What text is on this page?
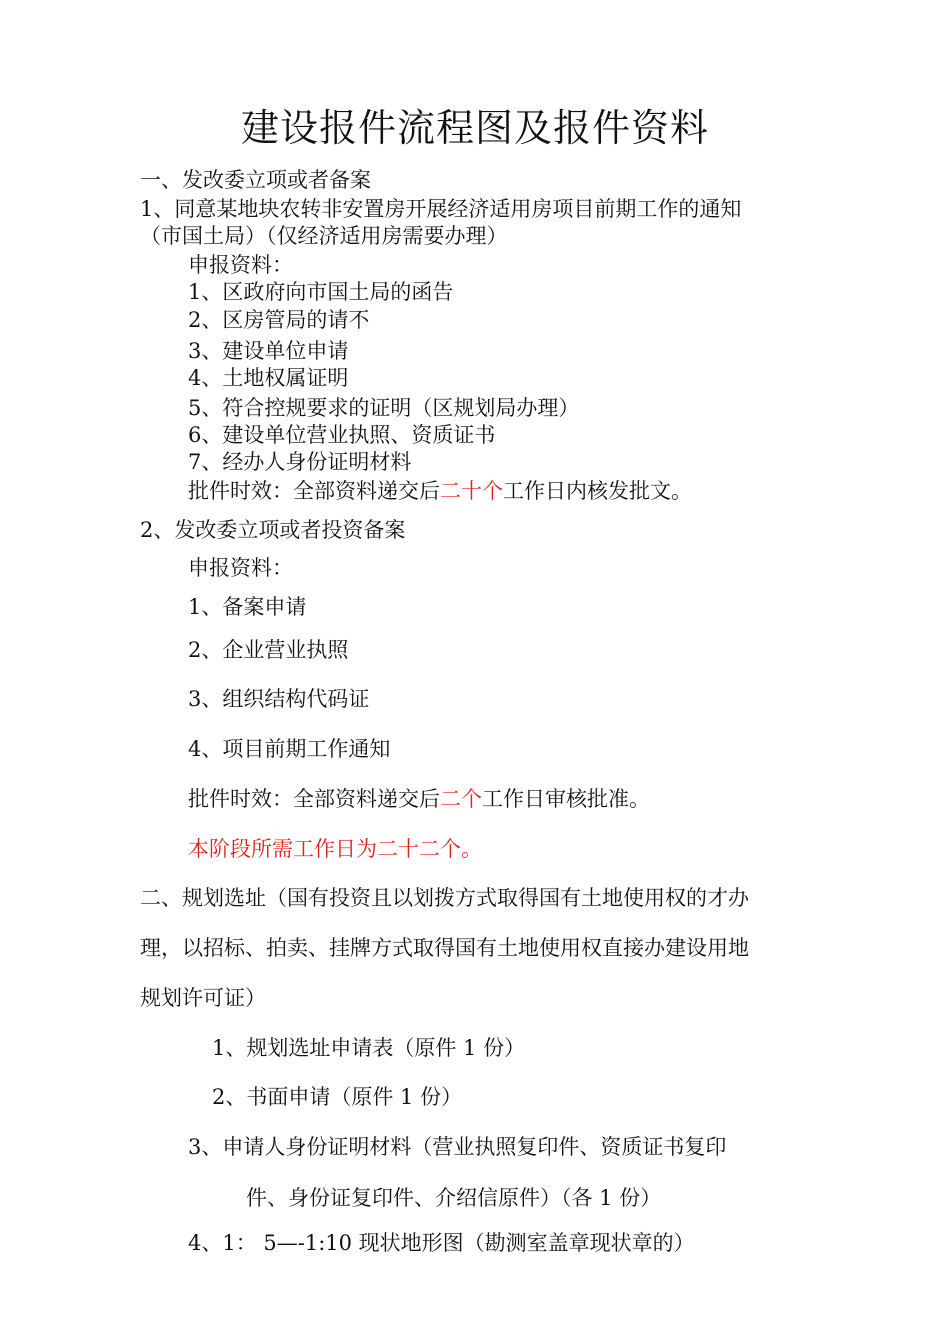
建设报件流程图及报件资料
一、发改委立项或者备案
1、同意某地块农转非安置房开展经济适用房项目前期工作的通知
（市国土局）（仅经济适用房需要办理）
申报资料：
1、区政府向市国土局的函告
2、区房管局的请不
3、建设单位申请
4、土地权属证明
5、符合控规要求的证明（区规划局办理）
6、建设单位营业执照、资质证书
7、经办人身份证明材料
批件时效：全部资料递交后二十个工作日内核发批文。
2、发改委立项或者投资备案
申报资料：
1、备案申请
2、企业营业执照
3、组织结构代码证
4、项目前期工作通知
批件时效：全部资料递交后二个工作日审核批准。
本阶段所需工作日为二十二个。
二、规划选址（国有投资且以划拨方式取得国有土地使用权的才办
理，以招标、拍卖、挂牌方式取得国有土地使用权直接办建设用地
规划许可证）
1、规划选址申请表（原件 1 份）
2、书面申请（原件 1 份）
3、申请人身份证明材料（营业执照复印件、资质证书复印
件、身份证复印件、介绍信原件）（各 1 份）
4、1： 5—-1:10 现状地形图（勘测室盖章现状章的）
